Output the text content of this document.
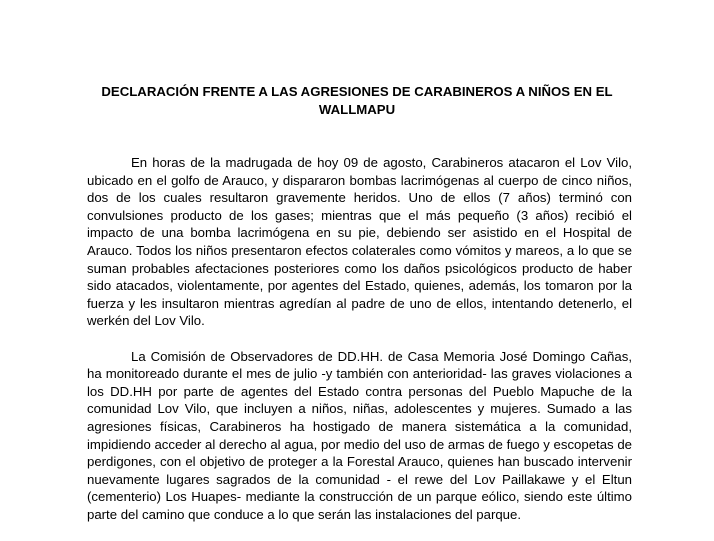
DECLARACIÓN FRENTE A LAS AGRESIONES DE CARABINEROS A NIÑOS EN EL WALLMAPU

En horas de la madrugada de hoy 09 de agosto, Carabineros atacaron el Lov Vilo, ubicado en el golfo de Arauco, y dispararon bombas lacrimógenas al cuerpo de cinco niños, dos de los cuales resultaron gravemente heridos. Uno de ellos (7 años) terminó con convulsiones producto de los gases; mientras que el más pequeño (3 años) recibió el impacto de una bomba lacrimógena en su pie, debiendo ser asistido en el Hospital de Arauco. Todos los niños presentaron efectos colaterales como vómitos y mareos, a lo que se suman probables afectaciones posteriores como los daños psicológicos producto de haber sido atacados, violentamente, por agentes del Estado, quienes, además, los tomaron por la fuerza y les insultaron mientras agredían al padre de uno de ellos, intentando detenerlo, el werkén del Lov Vilo.

La Comisión de Observadores de DD.HH. de Casa Memoria José Domingo Cañas, ha monitoreado durante el mes de julio -y también con anterioridad- las graves violaciones a los DD.HH por parte de agentes del Estado contra personas del Pueblo Mapuche de la comunidad Lov Vilo, que incluyen a niños, niñas, adolescentes y mujeres. Sumado a las agresiones físicas, Carabineros ha hostigado de manera sistemática a la comunidad, impidiendo acceder al derecho al agua, por medio del uso de armas de fuego y escopetas de perdigones, con el objetivo de proteger a la Forestal Arauco, quienes han buscado intervenir nuevamente lugares sagrados de la comunidad - el rewe del Lov Paillakawe y el Eltun (cementerio) Los Huapes- mediante la construcción de un parque eólico, siendo este último parte del camino que conduce a lo que serán las instalaciones del parque.
